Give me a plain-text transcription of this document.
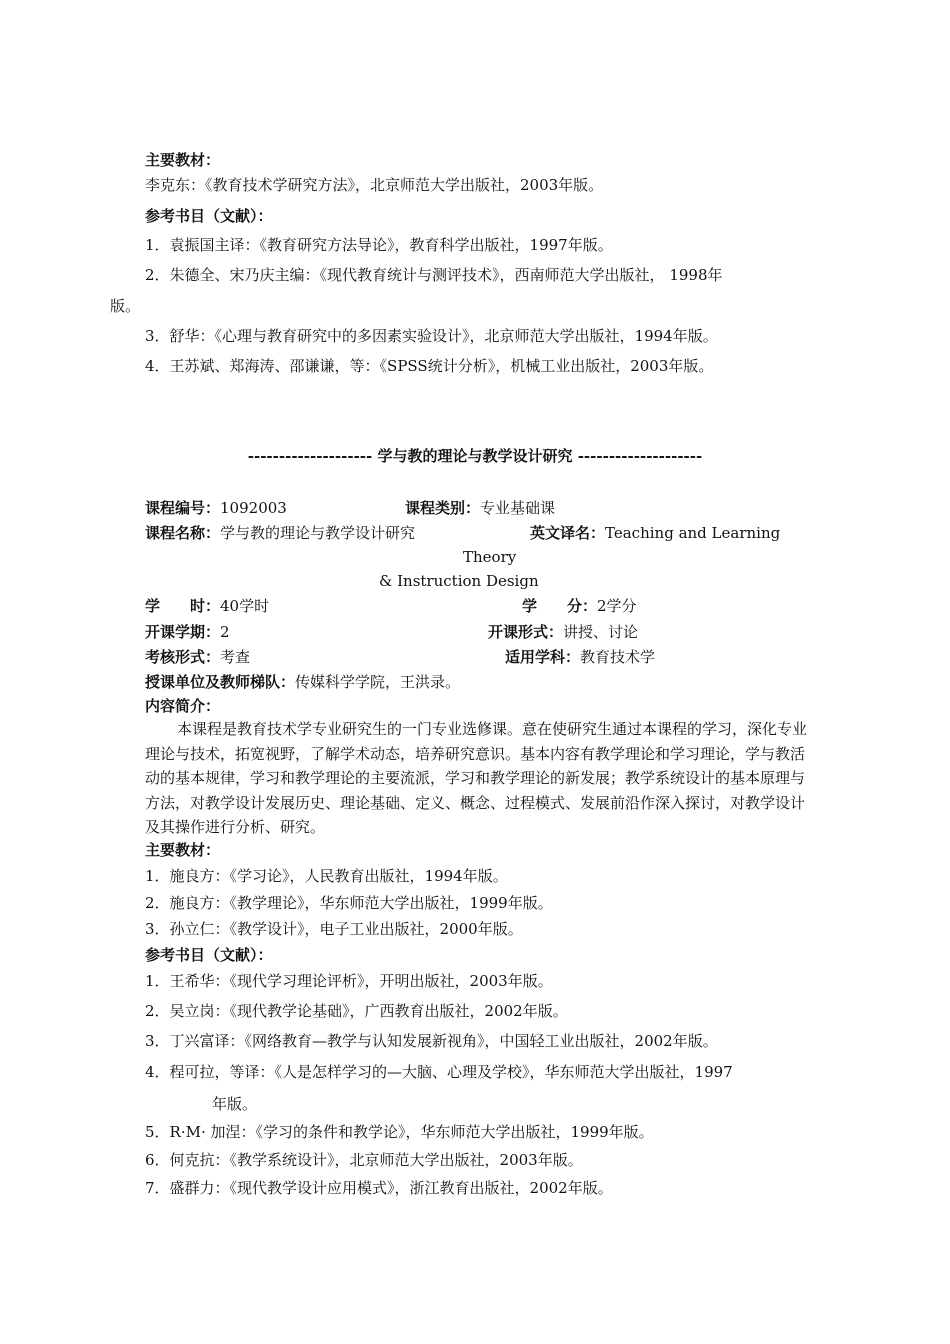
主要教材：
李克东：《教育技术学研究方法》，北京师范大学出版社，2003年版。
参考书目（文献）：
1．袁振国主译：《教育研究方法导论》，教育科学出版社，1997年版。
2．朱德全、宋乃庆主编：《现代教育统计与测评技术》，西南师范大学出版社， 1998年
版。
3．舒华：《心理与教育研究中的多因素实验设计》，北京师范大学出版社，1994年版。
4．王苏斌、郑海涛、邵谦谦，等：《SPSS统计分析》，机械工业出版社，2003年版。
-------------------- 学与教的理论与教学设计研究 --------------------
课程编号：1092003	课程类别：专业基础课
课程名称：学与教的理论与教学设计研究	英文译名：Teaching and Learning
Theory
& Instruction Design
学　　时：40学时	学　　分：2学分
开课学期：2	开课形式：讲授、讨论
考核形式：考查	适用学科：教育技术学
授课单位及教师梯队：传媒科学学院，王洪录。
内容简介：
本课程是教育技术学专业研究生的一门专业选修课。意在使研究生通过本课程的学习，深化专业理论与技术，拓宽视野，了解学术动态，培养研究意识。基本内容有教学理论和学习理论，学与教活动的基本规律，学习和教学理论的主要流派，学习和教学理论的新发展；教学系统设计的基本原理与方法，对教学设计发展历史、理论基础、定义、概念、过程模式、发展前沿作深入探讨，对教学设计及其操作进行分析、研究。
主要教材：
1．施良方：《学习论》，人民教育出版社，1994年版。
2．施良方：《教学理论》，华东师范大学出版社，1999年版。
3．孙立仁：《教学设计》，电子工业出版社，2000年版。
参考书目（文献）：
1．王希华：《现代学习理论评析》，开明出版社，2003年版。
2．吴立岗：《现代教学论基础》，广西教育出版社，2002年版。
3．丁兴富译：《网络教育—教学与认知发展新视角》，中国轻工业出版社，2002年版。
4．程可拉，等译：《人是怎样学习的—大脑、心理及学校》，华东师范大学出版社，1997
年版。
5．R·M· 加涅：《学习的条件和教学论》，华东师范大学出版社，1999年版。
6．何克抗：《教学系统设计》，北京师范大学出版社，2003年版。
7．盛群力：《现代教学设计应用模式》，浙江教育出版社，2002年版。
